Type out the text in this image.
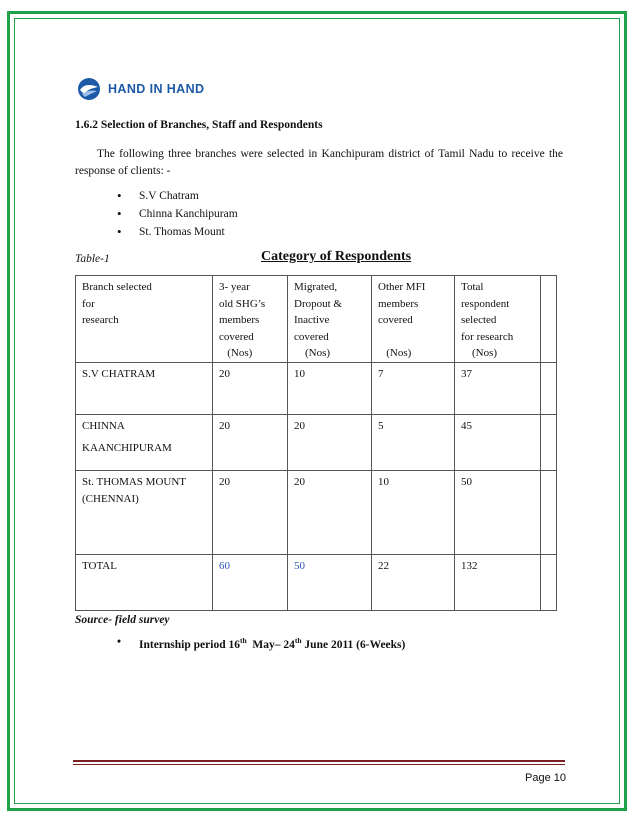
HAND IN HAND
1.6.2 Selection of Branches, Staff and Respondents
The following three branches were selected in Kanchipuram district of Tamil Nadu to receive the response of clients: -
• S.V Chatram
• Chinna Kanchipuram
• St. Thomas Mount
Table-1	Category of Respondents
Branch selected
for
research	3- year
old SHG’s
members
covered
(Nos)	Migrated,
Dropout &
Inactive
covered
(Nos)	Other MFI
members
covered

(Nos)	Total
respondent
selected
for research
(Nos)	

S.V CHATRAM	20	10	7	37	

CHINNA
KAANCHIPURAM	20	20	5	45	

St. THOMAS MOUNT
(CHENNAI)	20	20	10	50	

TOTAL	60	50	22	132	
Source- field survey
• Internship period 16th  May– 24th June 2011 (6-Weeks)
Page 10
